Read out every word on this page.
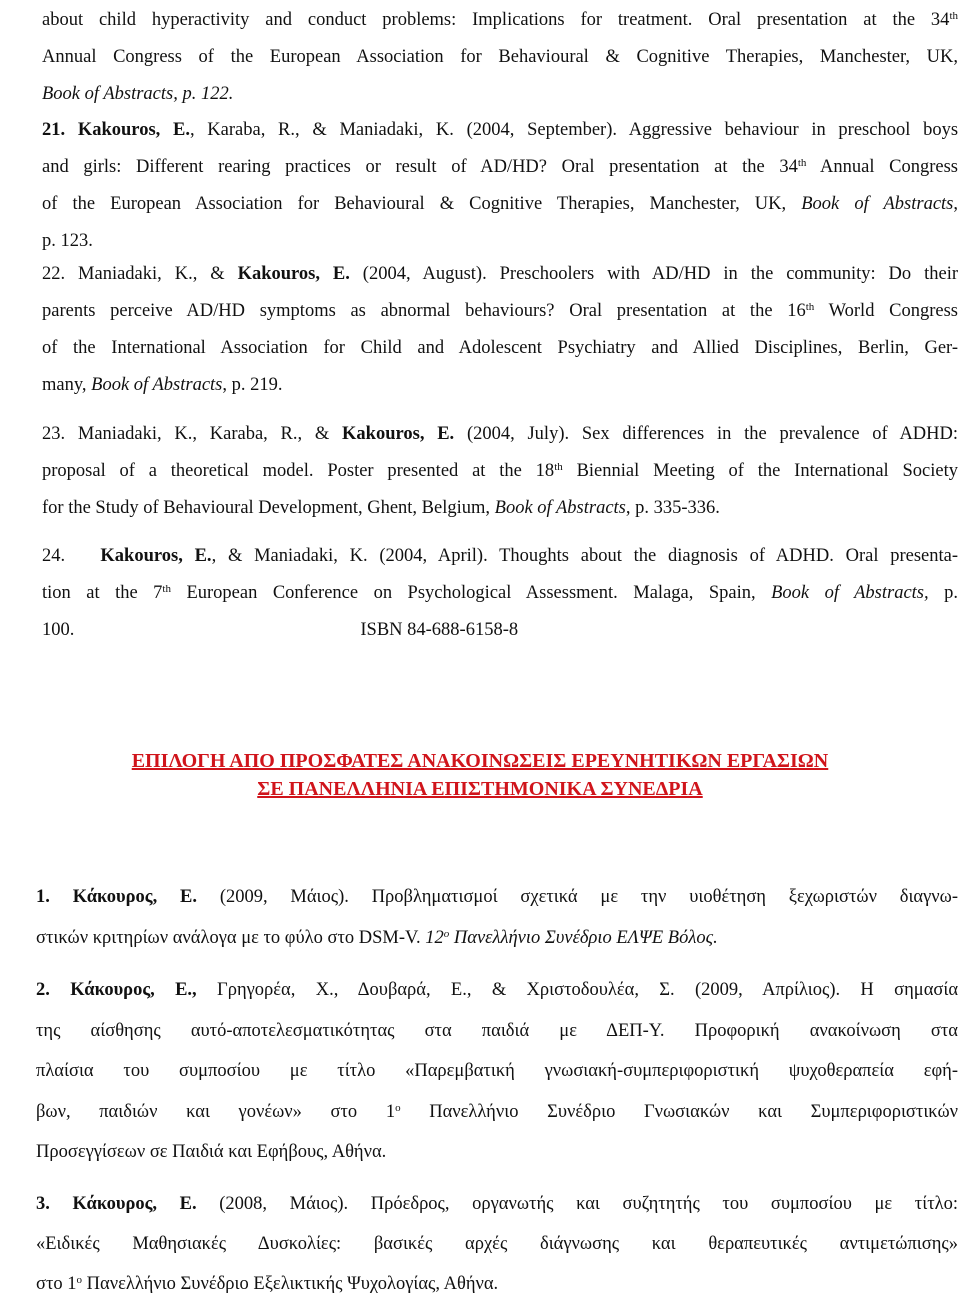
about child hyperactivity and conduct problems: Implications for treatment. Oral presentation at the 34th
Annual Congress of the European Association for Behavioural & Cognitive Therapies, Manchester, UK,
Book of Abstracts, p. 122.
21. Kakouros, E., Karaba, R., & Maniadaki, K. (2004, September). Aggressive behaviour in preschool boys
and girls: Different rearing practices or result of AD/HD? Oral presentation at the 34th Annual Congress
of the European Association for Behavioural & Cognitive Therapies, Manchester, UK, Book of Abstracts,
p. 123.
22. Maniadaki, K., & Kakouros, E. (2004, August). Preschoolers with AD/HD in the community: Do their
parents perceive AD/HD symptoms as abnormal behaviours? Oral presentation at the 16th World Congress
of the International Association for Child and Adolescent Psychiatry and Allied Disciplines, Berlin, Ger-
many, Book of Abstracts, p. 219.
23. Maniadaki, K., Karaba, R., & Kakouros, E. (2004, July). Sex differences in the prevalence of ADHD:
proposal of a theoretical model. Poster presented at the 18th Biennial Meeting of the International Society
for the Study of Behavioural Development, Ghent, Belgium, Book of Abstracts, p. 335-336.
24. Kakouros, E., & Maniadaki, K. (2004, April). Thoughts about the diagnosis of ADHD. Oral presenta-
tion at the 7th European Conference on Psychological Assessment. Malaga, Spain, Book of Abstracts, p.
100.	ISBN 84-688-6158-8
ΕΠΙΛΟΓΗ ΑΠΟ ΠΡΟΣΦΑΤΕΣ ΑΝΑΚΟΙΝΩΣΕΙΣ ΕΡΕΥΝΗΤΙΚΩΝ ΕΡΓΑΣΙΩΝ
ΣΕ ΠΑΝΕΛΛΗΝΙΑ ΕΠΙΣΤΗΜΟΝΙΚΑ ΣΥΝΕΔΡΙΑ
1. Κάκουρος, Ε. (2009, Μάιος). Προβληματισμοί σχετικά με την υιοθέτηση ξεχωριστών διαγνω-
στικών κριτηρίων ανάλογα με το φύλο στο DSM-V. $12^o$ Πανελλήνιο Συνέδριο ΕΛΨΕ Βόλος.
2. Κάκουρος, Ε., Γρηγορέα, Χ., Δουβαρά, Ε., & Χριστοδουλέα, Σ. (2009, Απρίλιος). Η σημασία
της αίσθησης αυτό-αποτελεσματικότητας στα παιδιά με ΔΕΠ-Υ. Προφορική ανακοίνωση στα
πλαίσια του συμποσίου με τίτλο «Παρεμβατική γνωσιακή-συμπεριφοριστική ψυχοθεραπεία εφή-
βων, παιδιών και γονέων» στο $1^o$ Πανελλήνιο Συνέδριο Γνωσιακών και Συμπεριφοριστικών
Προσεγγίσεων σε Παιδιά και Εφήβους, Αθήνα.
3. Κάκουρος, Ε. (2008, Μάιος). Πρόεδρος, οργανωτής και συζητητής του συμποσίου με τίτλο:
«Ειδικές Μαθησιακές Δυσκολίες: βασικές αρχές διάγνωσης και θεραπευτικές αντιμετώπισης»
στο $1^o$ Πανελλήνιο Συνέδριο Εξελικτικής Ψυχολογίας, Αθήνα.
